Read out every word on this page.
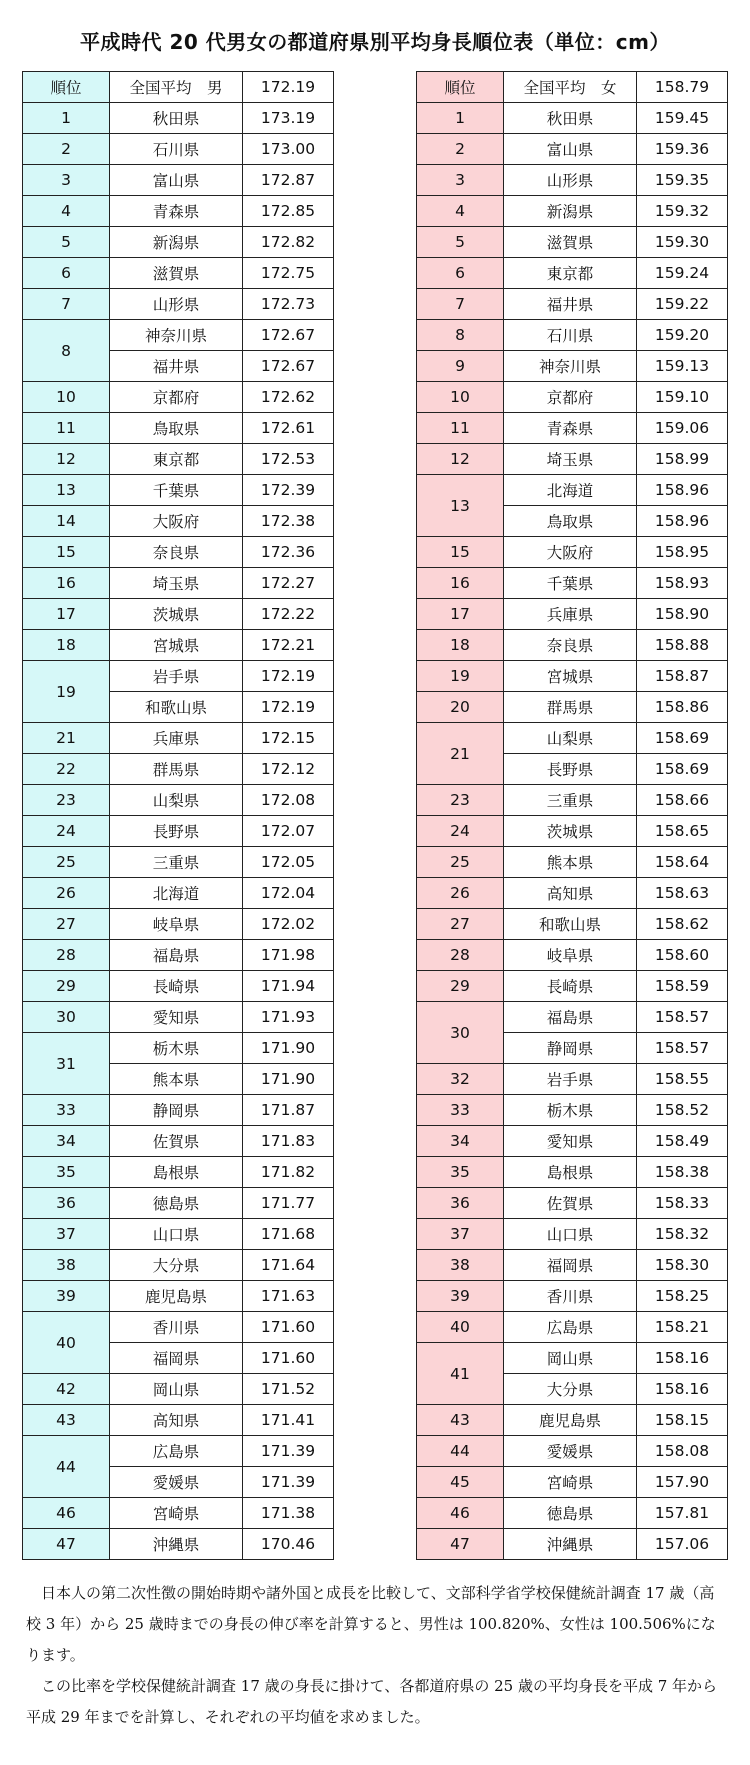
平成時代 20 代男女の都道府県別平均身長順位表（単位：cm）
順位	全国平均　男	172.19
1	秋田県	173.19
2	石川県	173.00
3	富山県	172.87
4	青森県	172.85
5	新潟県	172.82
6	滋賀県	172.75
7	山形県	172.73
8	神奈川県	172.67
	福井県	172.67
10	京都府	172.62
11	鳥取県	172.61
12	東京都	172.53
13	千葉県	172.39
14	大阪府	172.38
15	奈良県	172.36
16	埼玉県	172.27
17	茨城県	172.22
18	宮城県	172.21
19	岩手県	172.19
	和歌山県	172.19
21	兵庫県	172.15
22	群馬県	172.12
23	山梨県	172.08
24	長野県	172.07
25	三重県	172.05
26	北海道	172.04
27	岐阜県	172.02
28	福島県	171.98
29	長崎県	171.94
30	愛知県	171.93
31	栃木県	171.90
	熊本県	171.90
33	静岡県	171.87
34	佐賀県	171.83
35	島根県	171.82
36	徳島県	171.77
37	山口県	171.68
38	大分県	171.64
39	鹿児島県	171.63
40	香川県	171.60
	福岡県	171.60
42	岡山県	171.52
43	高知県	171.41
44	広島県	171.39
	愛媛県	171.39
46	宮崎県	171.38
47	沖縄県	170.46
順位	全国平均　女	158.79
1	秋田県	159.45
2	富山県	159.36
3	山形県	159.35
4	新潟県	159.32
5	滋賀県	159.30
6	東京都	159.24
7	福井県	159.22
8	石川県	159.20
9	神奈川県	159.13
10	京都府	159.10
11	青森県	159.06
12	埼玉県	158.99
13	北海道	158.96
	鳥取県	158.96
15	大阪府	158.95
16	千葉県	158.93
17	兵庫県	158.90
18	奈良県	158.88
19	宮城県	158.87
20	群馬県	158.86
21	山梨県	158.69
	長野県	158.69
23	三重県	158.66
24	茨城県	158.65
25	熊本県	158.64
26	高知県	158.63
27	和歌山県	158.62
28	岐阜県	158.60
29	長崎県	158.59
30	福島県	158.57
	静岡県	158.57
32	岩手県	158.55
33	栃木県	158.52
34	愛知県	158.49
35	島根県	158.38
36	佐賀県	158.33
37	山口県	158.32
38	福岡県	158.30
39	香川県	158.25
40	広島県	158.21
41	岡山県	158.16
	大分県	158.16
43	鹿児島県	158.15
44	愛媛県	158.08
45	宮崎県	157.90
46	徳島県	157.81
47	沖縄県	157.06

日本人の第二次性徴の開始時期や諸外国と成長を比較して、文部科学省学校保健統計調査 17 歳（高校 3 年）から 25 歳時までの身長の伸び率を計算すると、男性は 100.820%、女性は 100.506%になります。

この比率を学校保健統計調査 17 歳の身長に掛けて、各都道府県の 25 歳の平均身長を平成 7 年から平成 29 年までを計算し、それぞれの平均値を求めました。
